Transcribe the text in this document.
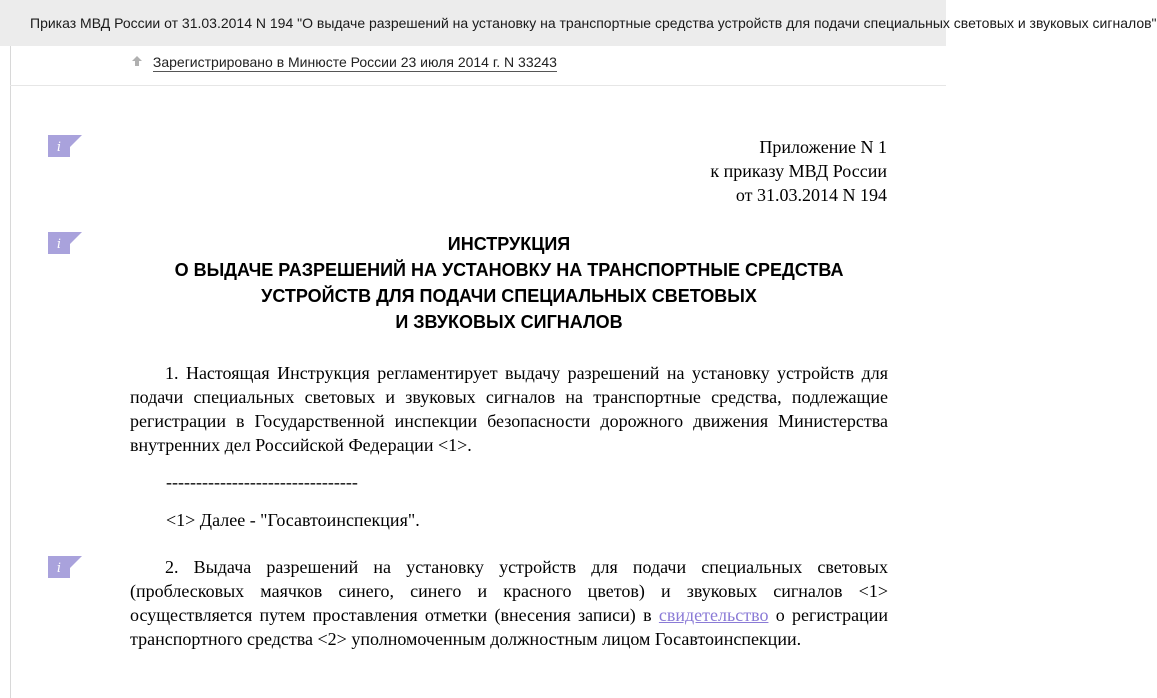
Приказ МВД России от 31.03.2014 N 194 "О выдаче разрешений на установку на транспортные средства устройств для подачи специальных световых и звуковых сигналов"
Зарегистрировано в Минюсте России 23 июля 2014 г. N 33243
i
i
i
Приложение N 1
к приказу МВД России
от 31.03.2014 N 194
ИНСТРУКЦИЯ
О ВЫДАЧЕ РАЗРЕШЕНИЙ НА УСТАНОВКУ НА ТРАНСПОРТНЫЕ СРЕДСТВА
УСТРОЙСТВ ДЛЯ ПОДАЧИ СПЕЦИАЛЬНЫХ СВЕТОВЫХ
И ЗВУКОВЫХ СИГНАЛОВ
1. Настоящая Инструкция регламентирует выдачу разрешений на установку устройств для подачи специальных световых и звуковых сигналов на транспортные средства, подлежащие регистрации в Государственной инспекции безопасности дорожного движения Министерства внутренних дел Российской Федерации <1>.
--------------------------------
<1> Далее - "Госавтоинспекция".
2. Выдача разрешений на установку устройств для подачи специальных световых (проблесковых маячков синего, синего и красного цветов) и звуковых сигналов <1> осуществляется путем проставления отметки (внесения записи) в свидетельство о регистрации транспортного средства <2> уполномоченным должностным лицом Госавтоинспекции.
